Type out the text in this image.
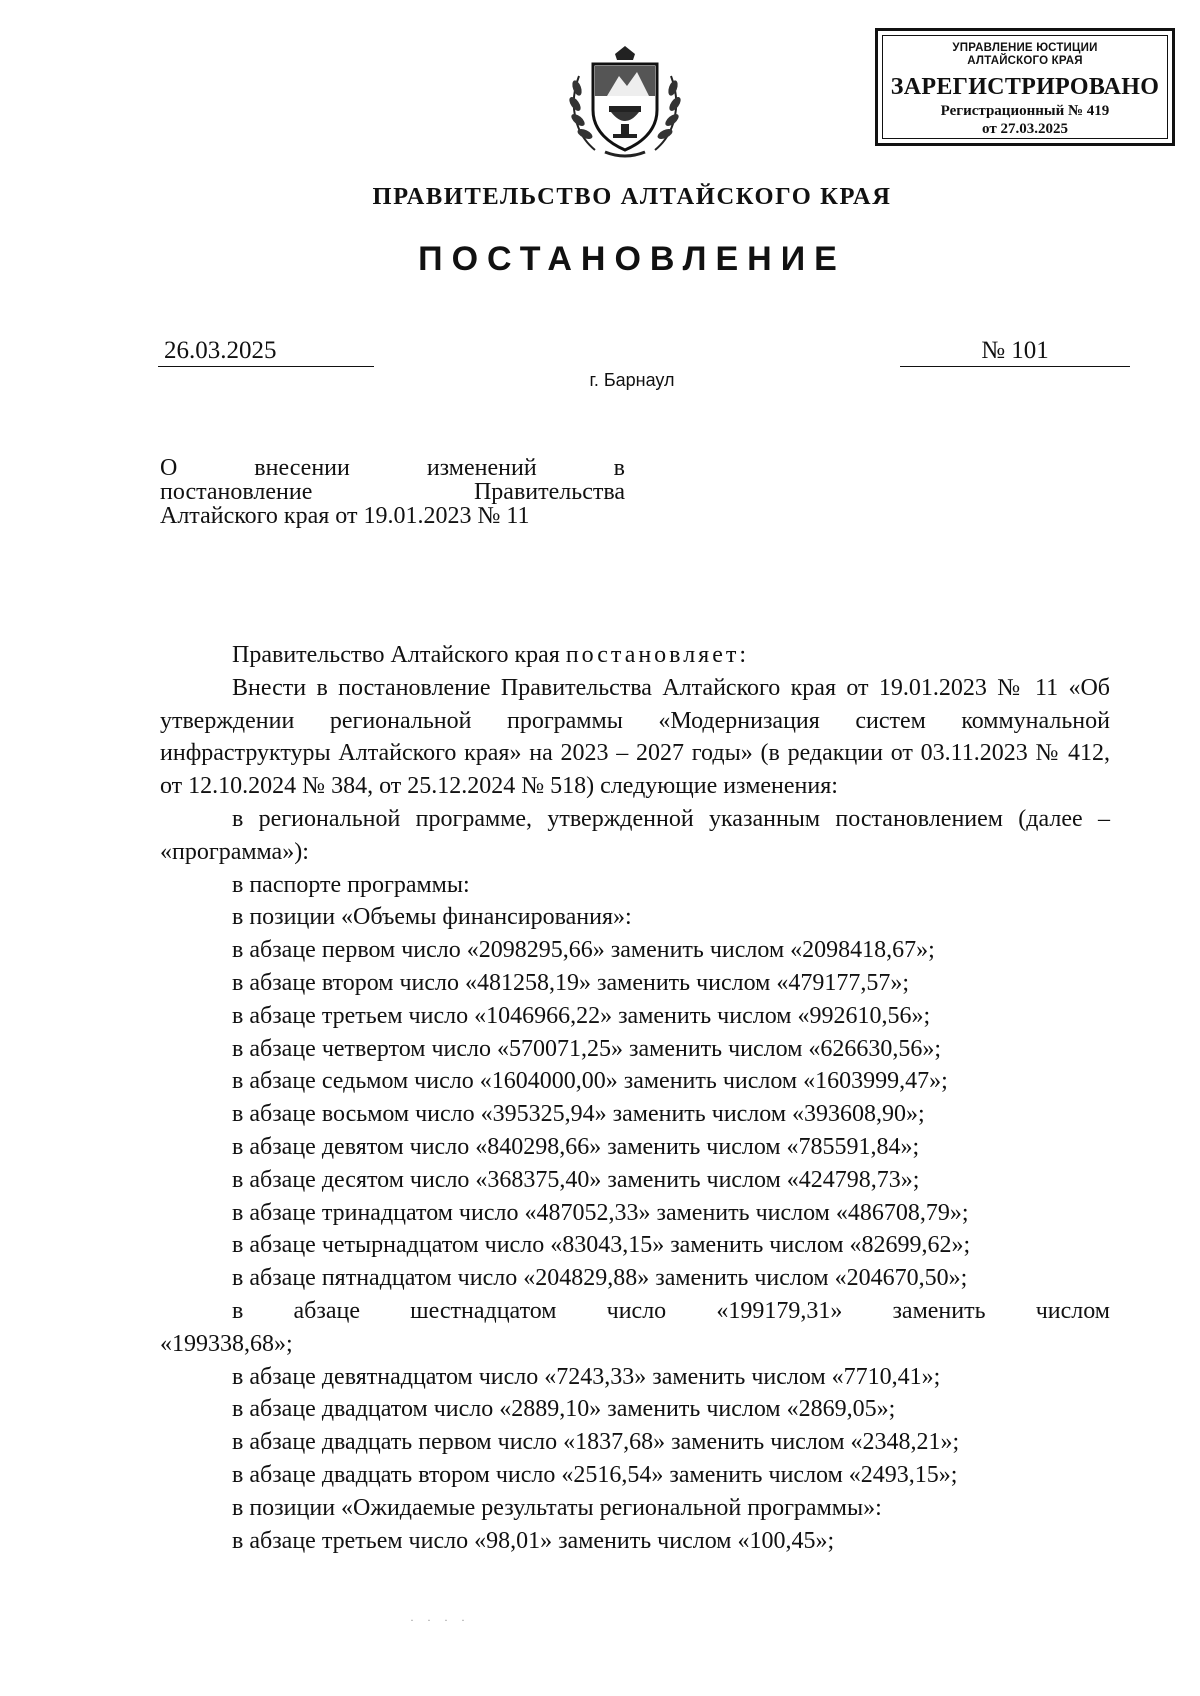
УПРАВЛЕНИЕ ЮСТИЦИИ
АЛТАЙСКОГО КРАЯ
ЗАРЕГИСТРИРОВАНО
Регистрационный № 419
от 27.03.2025
ПРАВИТЕЛЬСТВО АЛТАЙСКОГО КРАЯ
ПОСТАНОВЛЕНИЕ
26.03.2025	№ 101
г. Барнаул
О	внесении	изменений	в
постановление	Правительства
Алтайского края от 19.01.2023 № 11

Правительство Алтайского края постановляет:

Внести в постановление Правительства Алтайского края от 19.01.2023 № 11 «Об утверждении региональной программы «Модернизация систем коммунальной инфраструктуры Алтайского края» на 2023 – 2027 годы» (в редакции от 03.11.2023 № 412, от 12.10.2024 № 384, от 25.12.2024 № 518) следующие изменения:

в региональной программе, утвержденной указанным постановлением (далее – «программа»):

в паспорте программы:

в позиции «Объемы финансирования»:

в абзаце первом число «2098295,66» заменить числом «2098418,67»;

в абзаце втором число «481258,19» заменить числом «479177,57»;

в абзаце третьем число «1046966,22» заменить числом «992610,56»;

в абзаце четвертом число «570071,25» заменить числом «626630,56»;

в абзаце седьмом число «1604000,00» заменить числом «1603999,47»;

в абзаце восьмом число «395325,94» заменить числом «393608,90»;

в абзаце девятом число «840298,66» заменить числом «785591,84»;

в абзаце десятом число «368375,40» заменить числом «424798,73»;

в абзаце тринадцатом число «487052,33» заменить числом «486708,79»;

в абзаце четырнадцатом число «83043,15» заменить числом «82699,62»;

в абзаце пятнадцатом число «204829,88» заменить числом «204670,50»;

в абзаце шестнадцатом число «199179,31» заменить числом
«199338,68»;

в абзаце девятнадцатом число «7243,33» заменить числом «7710,41»;

в абзаце двадцатом число «2889,10» заменить числом «2869,05»;

в абзаце двадцать первом число «1837,68» заменить числом «2348,21»;

в абзаце двадцать втором число «2516,54» заменить числом «2493,15»;

в позиции «Ожидаемые результаты региональной программы»:

в абзаце третьем число «98,01» заменить числом «100,45»;

· · · ·
